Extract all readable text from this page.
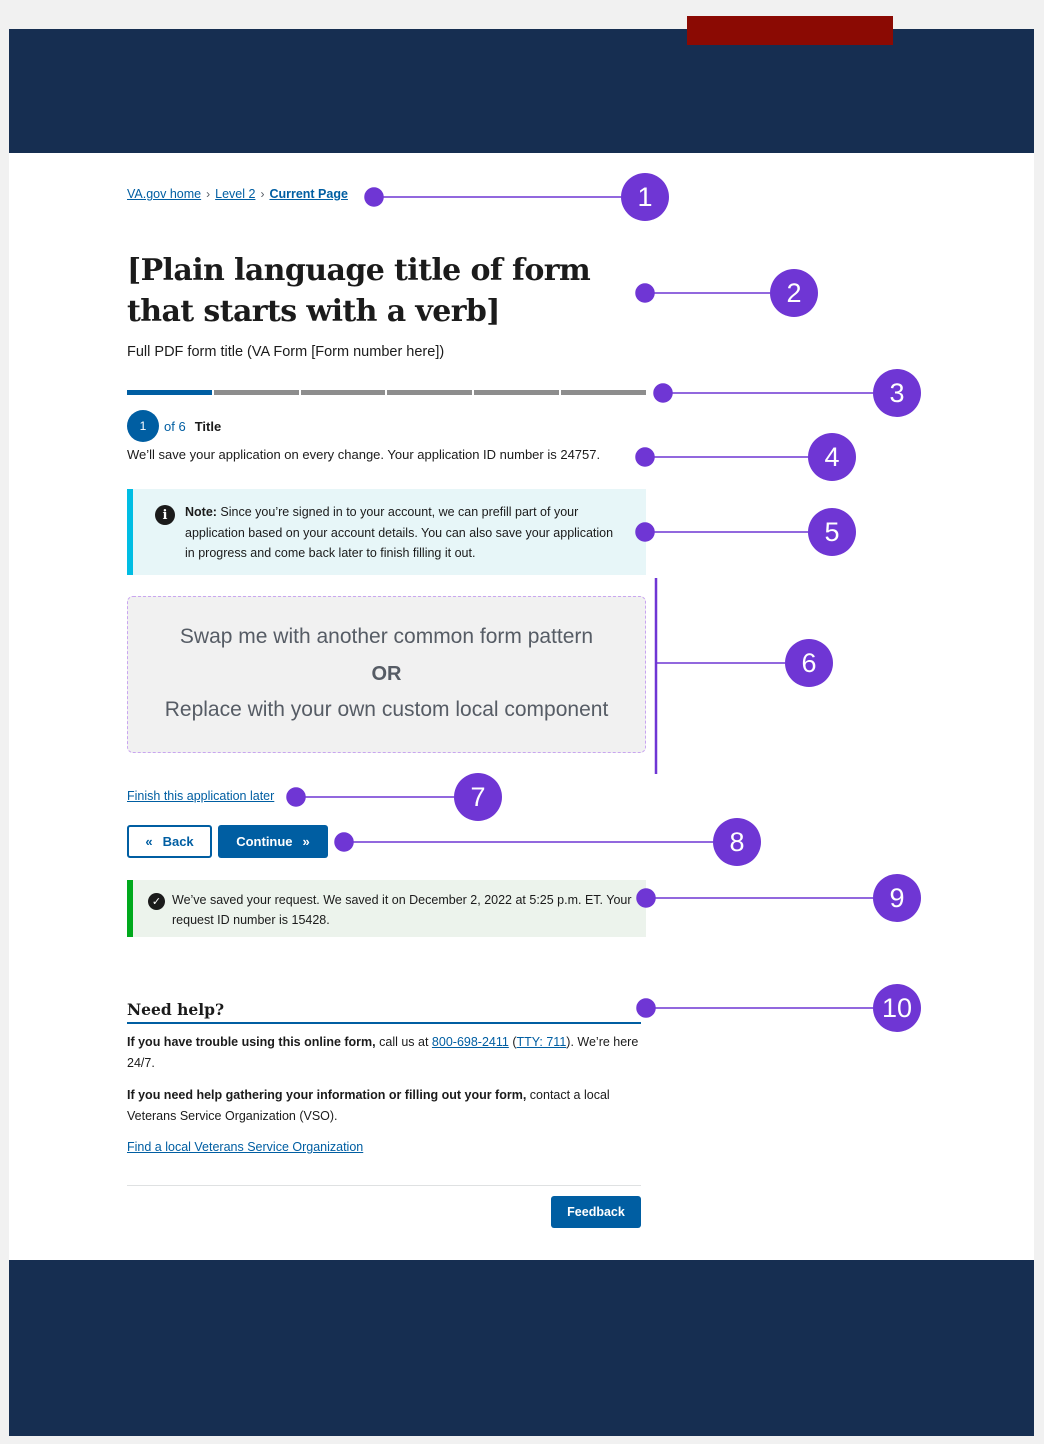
VA.gov home › Level 2 › Current Page
[Plain language title of form that starts with a verb]
Full PDF form title (VA Form [Form number here])
1	of 6 Title
We’ll save your application on every change. Your application ID number is 24757.
i	Note: Since you’re signed in to your account, we can prefill part of your application based on your account details. You can also save your application in progress and come back later to finish filling it out.
Swap me with another common form pattern
OR
Replace with your own custom local component
Finish this application later
« Back	Continue »
✓ We’ve saved your request. We saved it on December 2, 2022 at 5:25 p.m. ET. Your request ID number is 15428.
Need help?

If you have trouble using this online form, call us at 800-698-2411 (TTY: 711). We’re here 24/7.

If you need help gathering your information or filling out your form, contact a local Veterans Service Organization (VSO).

Find a local Veterans Service Organization
Feedback
1
2
3
4
5
6
7
8
9
10
